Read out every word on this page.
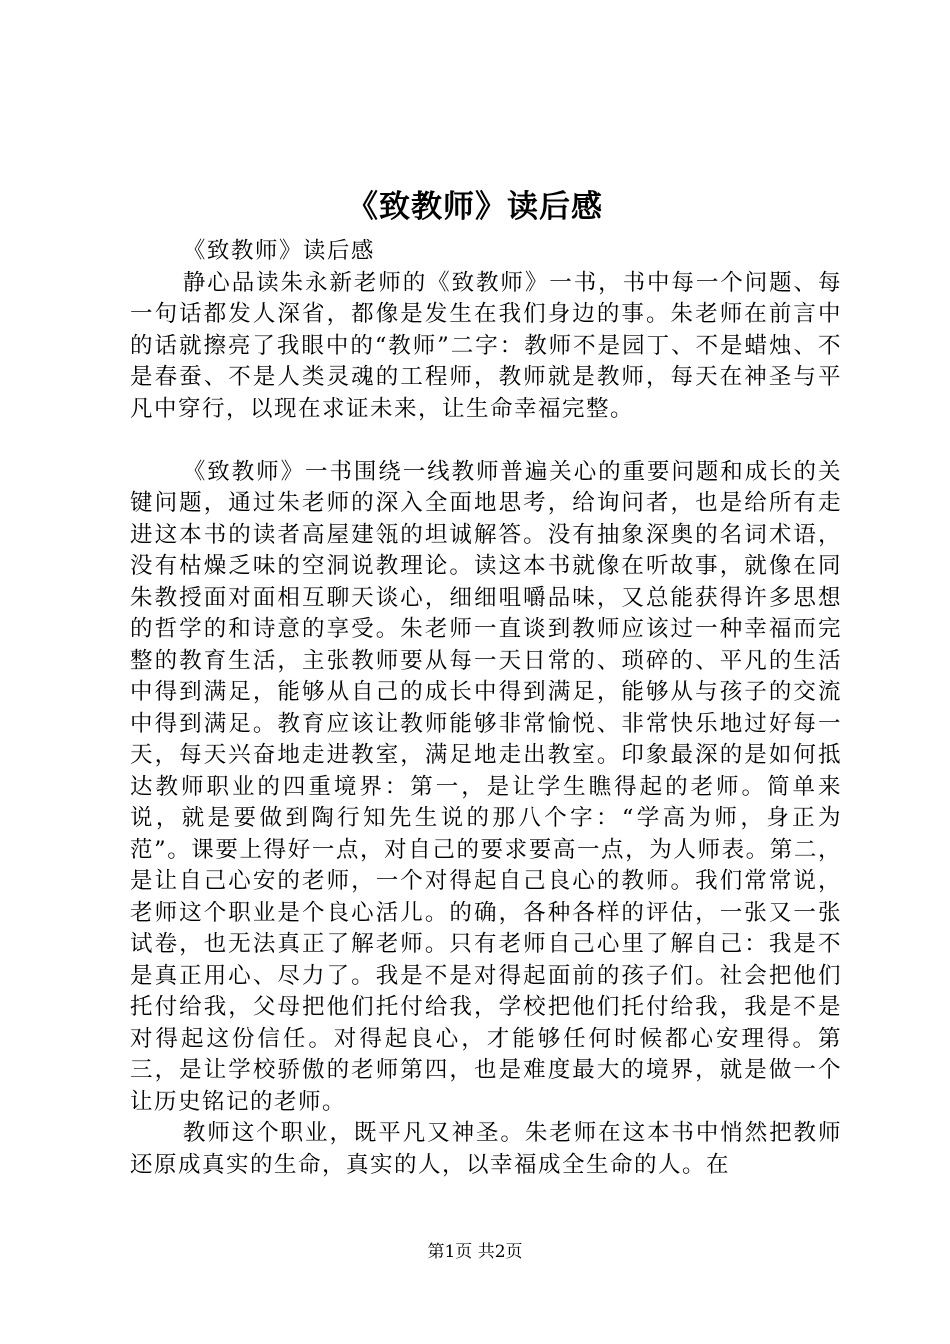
《致教师》读后感

《致教师》读后感

静心品读朱永新老师的《致教师》一书，书中每一个问题、每一句话都发人深省，都像是发生在我们身边的事。朱老师在前言中的话就擦亮了我眼中的“教师”二字：教师不是园丁、不是蜡烛、不是春蚕、不是人类灵魂的工程师，教师就是教师，每天在神圣与平凡中穿行，以现在求证未来，让生命幸福完整。

《致教师》一书围绕一线教师普遍关心的重要问题和成长的关键问题，通过朱老师的深入全面地思考，给询问者，也是给所有走进这本书的读者高屋建瓴的坦诚解答。没有抽象深奥的名词术语，没有枯燥乏味的空洞说教理论。读这本书就像在听故事，就像在同朱教授面对面相互聊天谈心，细细咀嚼品味，又总能获得许多思想的哲学的和诗意的享受。朱老师一直谈到教师应该过一种幸福而完整的教育生活，主张教师要从每一天日常的、琐碎的、平凡的生活中得到满足，能够从自己的成长中得到满足，能够从与孩子的交流中得到满足。教育应该让教师能够非常愉悦、非常快乐地过好每一天，每天兴奋地走进教室，满足地走出教室。印象最深的是如何抵达教师职业的四重境界：第一，是让学生瞧得起的老师。简单来说，就是要做到陶行知先生说的那八个字：“学高为师，身正为范”。课要上得好一点，对自己的要求要高一点，为人师表。第二，是让自己心安的老师，一个对得起自己良心的教师。我们常常说，老师这个职业是个良心活儿。的确，各种各样的评估，一张又一张试卷，也无法真正了解老师。只有老师自己心里了解自己：我是不是真正用心、尽力了。我是不是对得起面前的孩子们。社会把他们托付给我，父母把他们托付给我，学校把他们托付给我，我是不是对得起这份信任。对得起良心，才能够任何时候都心安理得。第三，是让学校骄傲的老师第四，也是难度最大的境界，就是做一个让历史铭记的老师。

教师这个职业，既平凡又神圣。朱老师在这本书中悄然把教师还原成真实的生命，真实的人，以幸福成全生命的人。在

第1页 共2页
